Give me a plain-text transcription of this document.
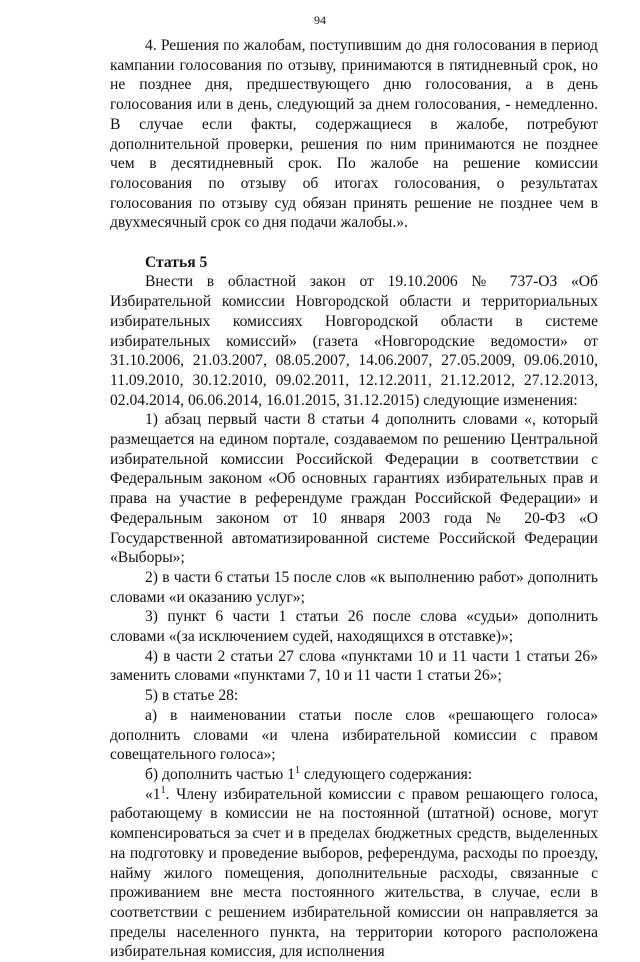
94

4. Решения по жалобам, поступившим до дня голосования в период кампании голосования по отзыву, принимаются в пятидневный срок, но не позднее дня, предшествующего дню голосования, а в день голосования или в день, следующий за днем голосования, - немедленно. В случае если факты, содержащиеся в жалобе, потребуют дополнительной проверки, решения по ним принимаются не позднее чем в десятидневный срок. По жалобе на решение комиссии голосования по отзыву об итогах голосования, о результатах голосования по отзыву суд обязан принять решение не позднее чем в двухмесячный срок со дня подачи жалобы.».

Статья 5

Внести в областной закон от 19.10.2006 № 737-ОЗ «Об Избирательной комиссии Новгородской области и территориальных избирательных комиссиях Новгородской области в системе избирательных комиссий» (газета «Новгородские ведомости» от 31.10.2006, 21.03.2007, 08.05.2007, 14.06.2007, 27.05.2009, 09.06.2010, 11.09.2010, 30.12.2010, 09.02.2011, 12.12.2011, 21.12.2012, 27.12.2013, 02.04.2014, 06.06.2014, 16.01.2015, 31.12.2015) следующие изменения:

1) абзац первый части 8 статьи 4 дополнить словами «, который размещается на едином портале, создаваемом по решению Центральной избирательной комиссии Российской Федерации в соответствии с Федеральным законом «Об основных гарантиях избирательных прав и права на участие в референдуме граждан Российской Федерации» и Федеральным законом от 10 января 2003 года № 20-ФЗ «О Государственной автоматизированной системе Российской Федерации «Выборы»;

2) в части 6 статьи 15 после слов «к выполнению работ» дополнить словами «и оказанию услуг»;

3) пункт 6 части 1 статьи 26 после слова «судьи» дополнить словами «(за исключением судей, находящихся в отставке)»;

4) в части 2 статьи 27 слова «пунктами 10 и 11 части 1 статьи 26» заменить словами «пунктами 7, 10 и 11 части 1 статьи 26»;

5) в статье 28:

а) в наименовании статьи после слов «решающего голоса» дополнить словами «и члена избирательной комиссии с правом совещательного голоса»;

б) дополнить частью $1^1$ следующего содержания:

«$1^1$. Члену избирательной комиссии с правом решающего голоса, работающему в комиссии не на постоянной (штатной) основе, могут компенсироваться за счет и в пределах бюджетных средств, выделенных на подготовку и проведение выборов, референдума, расходы по проезду, найму жилого помещения, дополнительные расходы, связанные с проживанием вне места постоянного жительства, в случае, если в соответствии с решением избирательной комиссии он направляется за пределы населенного пункта, на территории которого расположена избирательная комиссия, для исполнения
